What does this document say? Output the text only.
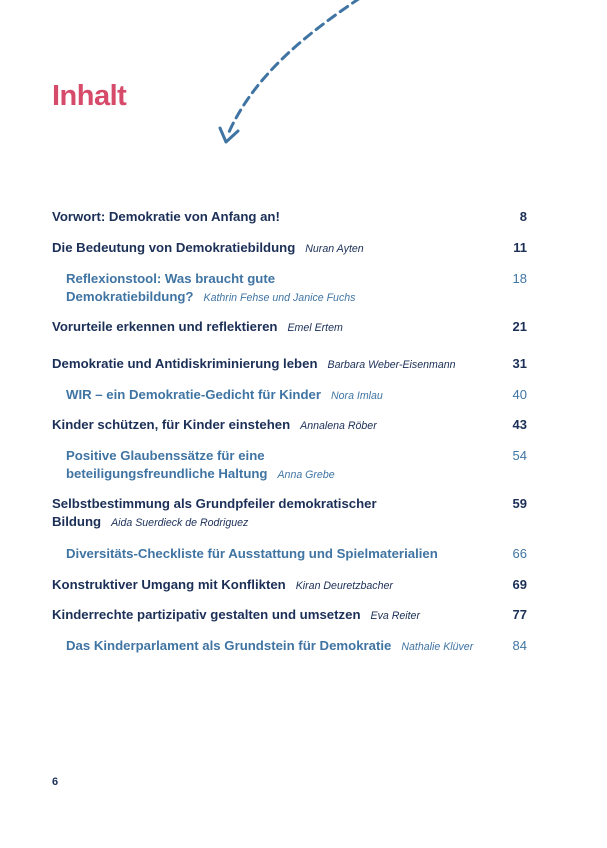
Inhalt
Vorwort: Demokratie von Anfang an!	8
Die Bedeutung von Demokratiebildung Nuran Ayten	11
Reflexionstool: Was braucht gute
Demokratiebildung? Kathrin Fehse und Janice Fuchs
18
Vorurteile erkennen und reflektieren Emel Ertem	21
Demokratie und Antidiskriminierung leben Barbara Weber-Eisenmann	31
WIR – ein Demokratie-Gedicht für Kinder Nora Imlau	40
Kinder schützen, für Kinder einstehen Annalena Röber	43
Positive Glaubenssätze für eine
beteiligungsfreundliche Haltung Anna Grebe
54
Selbstbestimmung als Grundpfeiler demokratischer
Bildung Aida Suerdieck de Rodriguez
59
Diversitäts-Checkliste für Ausstattung und Spielmaterialien	66
Konstruktiver Umgang mit Konflikten Kiran Deuretzbacher	69
Kinderrechte partizipativ gestalten und umsetzen Eva Reiter	77
Das Kinderparlament als Grundstein für Demokratie Nathalie Klüver	84
6
